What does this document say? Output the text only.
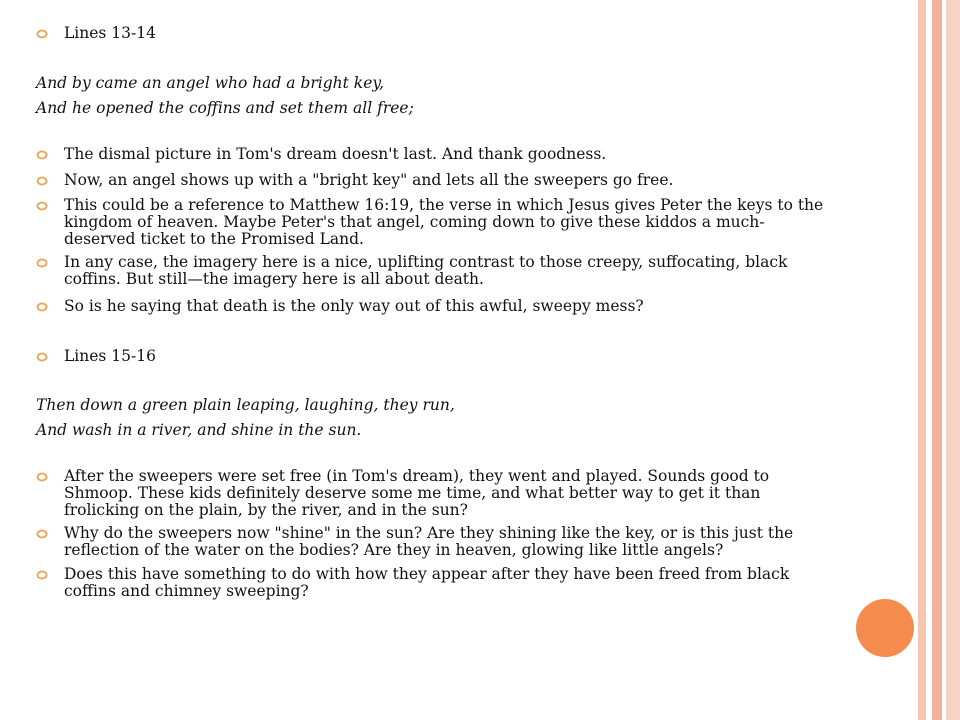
Lines 13-14
And by came an angel who had a bright key,
And he opened the coffins and set them all free;
The dismal picture in Tom's dream doesn't last. And thank goodness.
Now, an angel shows up with a "bright key" and lets all the sweepers go free.
This could be a reference to Matthew 16:19, the verse in which Jesus gives Peter the keys to the kingdom of heaven. Maybe Peter's that angel, coming down to give these kiddos a much-deserved ticket to the Promised Land.
In any case, the imagery here is a nice, uplifting contrast to those creepy, suffocating, black coffins. But still—the imagery here is all about death.
So is he saying that death is the only way out of this awful, sweepy mess?
Lines 15-16
Then down a green plain leaping, laughing, they run,
And wash in a river, and shine in the sun.
After the sweepers were set free (in Tom's dream), they went and played. Sounds good to Shmoop. These kids definitely deserve some me time, and what better way to get it than frolicking on the plain, by the river, and in the sun?
Why do the sweepers now "shine" in the sun? Are they shining like the key, or is this just the reflection of the water on the bodies? Are they in heaven, glowing like little angels?
Does this have something to do with how they appear after they have been freed from black coffins and chimney sweeping?
